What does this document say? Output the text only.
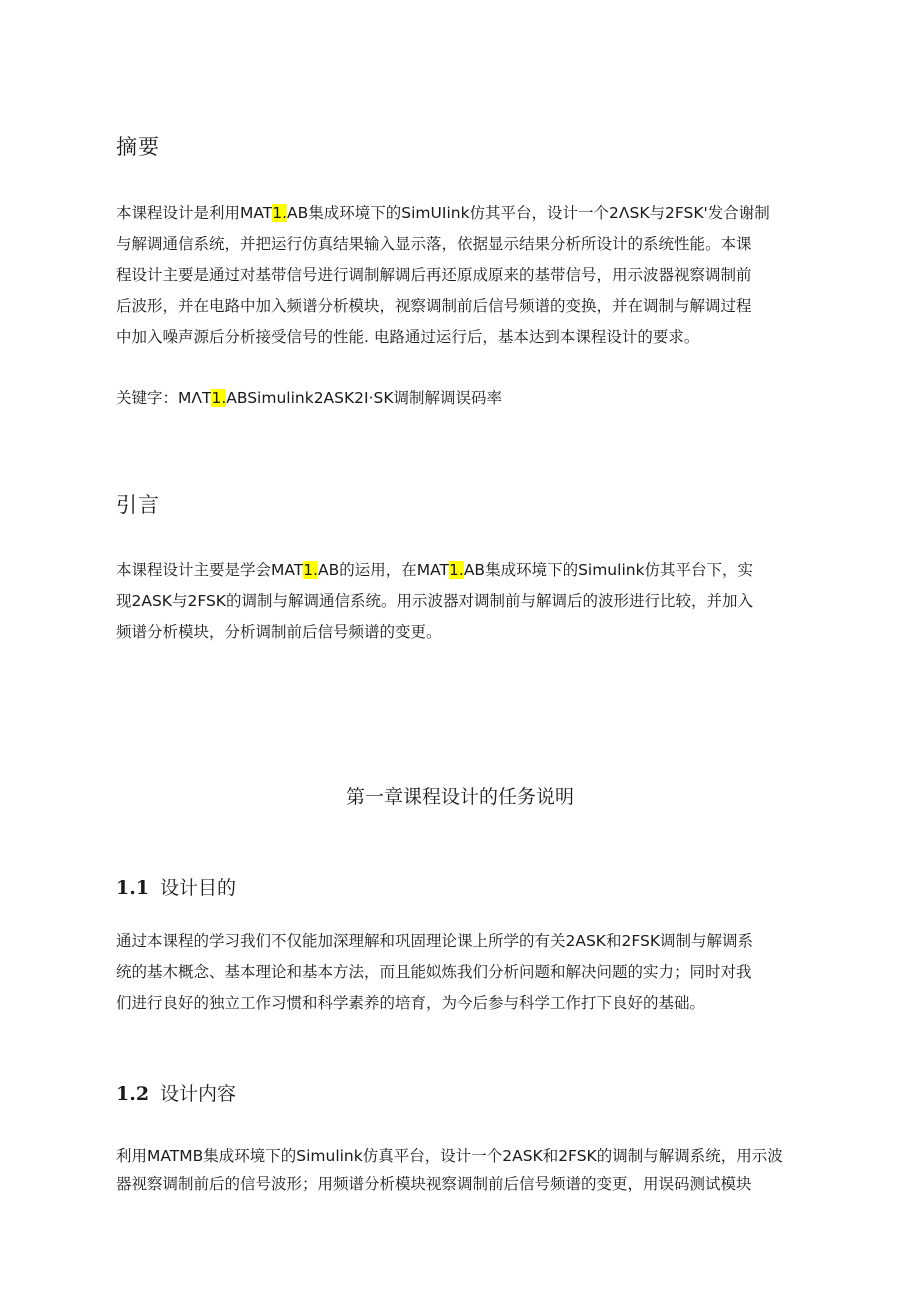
摘要

本课程设计是利用MAT1.AB集成环境下的SimUIink仿其平台，设计一个2ΛSK与2FSK'发合谢制
与解调通信系统，并把运行仿真结果输入显示落，依据显示结果分析所设计的系统性能。本课
程设计主要是通过对基带信号进行调制解调后再还原成原来的基带信号，用示波器视察调制前
后波形，并在电路中加入频谱分析模块，视察调制前后信号频谱的变换，并在调制与解调过程
中加入噪声源后分析接受信号的性能. 电路通过运行后，基本达到本课程设计的要求。

关键字：MΛT1.ABSimulink2ASK2I·SK调制解调误码率

引言

本课程设计主要是学会MAT1.AB的运用，在MAT1.AB集成环境下的Simulink仿其平台下，实
现2ASK与2FSK的调制与解调通信系统。用示波器对调制前与解调后的波形进行比较，并加入
频谱分析模块，分析调制前后信号频谱的变更。

第一章课程设计的任务说明
1.1 设计目的

通过本课程的学习我们不仅能加深理解和巩固理论课上所学的有关2ASK和2FSK调制与解调系
统的基木概念、基本理论和基本方法，而且能姒炼我们分析问题和解决问题的实力；同时对我
们进行良好的独立工作习惯和科学素养的培育，为今后参与科学工作打下良好的基础。

1.2 设计内容

利用MATMB集成环境下的Simulink仿真平台，设计一个2ASK和2FSK的调制与解调系统，用示波
器视察调制前后的信号波形；用频谱分析模块视察调制前后信号频谱的变更，用误码测试模块
